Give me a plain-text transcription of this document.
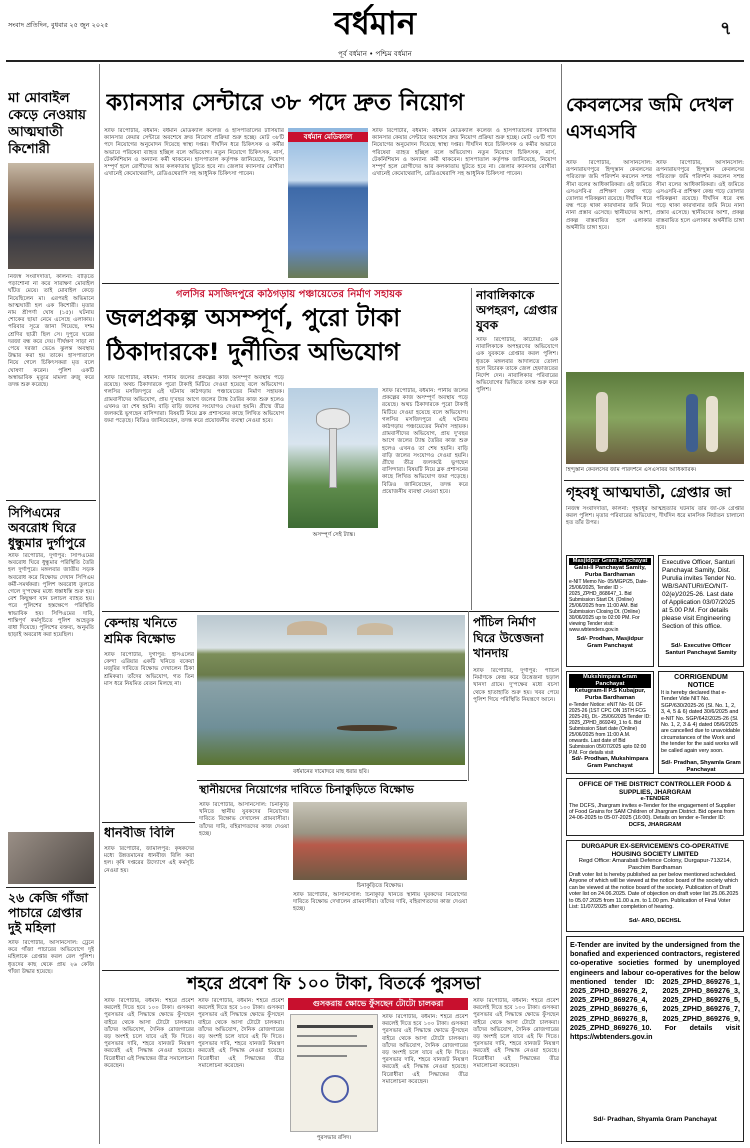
সংবাদ প্রতিদিন, বুধবার ২৫ জুন ২০২৫	বর্ধমান	৭
পূর্ব বর্ধমান • পশ্চিম বর্ধমান
মা মোবাইল কেড়ে নেওয়ায় আত্মঘাতী কিশোরী
নিজস্ব সংবাদদাতা, কালনা: বাড়িতে পড়াশোনা না করে সারাক্ষণ মোবাইল ঘাঁটত মেয়ে। তাই মোবাইল কেড়ে নিয়েছিলেন মা। এরপরই অভিমানে আত্মঘাতী হল এক কিশোরী। মৃতার নাম শ্রীপর্ণা ঘোষ (১৫)। ঘটনায় শোকের ছায়া নেমে এসেছে এলাকায়। পরিবার সূত্রে জানা গিয়েছে, দশম শ্রেণির ছাত্রী ছিল সে। দুপুরে ঘরের দরজা বন্ধ করে দেয়। দীর্ঘক্ষণ সাড়া না পেয়ে দরজা ভেঙে ঝুলন্ত অবস্থায় উদ্ধার করা হয় তাকে। হাসপাতালে নিয়ে গেলে চিকিৎসকরা মৃত বলে ঘোষণা করেন। পুলিশ একটি অস্বাভাবিক মৃত্যুর মামলা রুজু করে তদন্ত শুরু করেছে।
সিপিএমের অবরোধ ঘিরে ধুন্ধুমার দুর্গাপুরে
স্টাফ রিপোর্টার, দুর্গাপুর: সিপিএমের অবরোধ ঘিরে ধুন্ধুমার পরিস্থিতি তৈরি হল দুর্গাপুরে। মঙ্গলবার জাতীয় সড়ক অবরোধ করে বিক্ষোভ দেখান সিপিএম কর্মী-সমর্থকরা। পুলিশ অবরোধ তুলতে গেলে দু'পক্ষের মধ্যে ধস্তাধস্তি শুরু হয়। বেশ কিছুক্ষণ যান চলাচল ব্যাহত হয়। পরে পুলিশের হস্তক্ষেপে পরিস্থিতি স্বাভাবিক হয়। সিপিএমের দাবি, শান্তিপূর্ণ কর্মসূচিতে পুলিশ অহেতুক বাধা দিয়েছে। পুলিশের বক্তব্য, অনুমতি ছাড়াই অবরোধ করা হয়েছিল।
২৬ কেজি গাঁজা পাচারে গ্রেপ্তার দুই মহিলা
স্টাফ রিপোর্টার, আসানসোল: ট্রেনে করে গাঁজা পাচারের অভিযোগে দুই মহিলাকে গ্রেপ্তার করল রেল পুলিশ। ধৃতদের কাছ থেকে প্রায় ২৬ কেজি গাঁজা উদ্ধার হয়েছে।
ক্যানসার সেন্টারে ৩৮ পদে দ্রুত নিয়োগ
স্টাফ রিপোর্টার, বর্ধমান: বর্ধমান মেডিক্যাল কলেজ ও হাসপাতালের টার্সিয়ারি ক্যানসার কেয়ার সেন্টারে অবশেষে দ্রুত নিয়োগ প্রক্রিয়া শুরু হচ্ছে। মোট ৩৮টি পদে নিয়োগের অনুমোদন দিয়েছে স্বাস্থ্য দপ্তর। দীর্ঘদিন ধরে চিকিৎসক ও কর্মীর অভাবে পরিষেবা ব্যাহত হচ্ছিল বলে অভিযোগ। নতুন নিয়োগে চিকিৎসক, নার্স, টেকনিশিয়ান ও অন্যান্য কর্মী থাকবেন। হাসপাতাল কর্তৃপক্ষ জানিয়েছে, নিয়োগ সম্পূর্ণ হলে রোগীদের আর কলকাতায় ছুটতে হবে না। জেলার ক্যানসার রোগীরা এখানেই কেমোথেরাপি, রেডিওথেরাপি সহ আধুনিক চিকিৎসা পাবেন।
বর্ধমান মেডিক্যাল
স্টাফ রিপোর্টার, বর্ধমান: বর্ধমান মেডিক্যাল কলেজ ও হাসপাতালের টার্সিয়ারি ক্যানসার কেয়ার সেন্টারে অবশেষে দ্রুত নিয়োগ প্রক্রিয়া শুরু হচ্ছে। মোট ৩৮টি পদে নিয়োগের অনুমোদন দিয়েছে স্বাস্থ্য দপ্তর। দীর্ঘদিন ধরে চিকিৎসক ও কর্মীর অভাবে পরিষেবা ব্যাহত হচ্ছিল বলে অভিযোগ। নতুন নিয়োগে চিকিৎসক, নার্স, টেকনিশিয়ান ও অন্যান্য কর্মী থাকবেন। হাসপাতাল কর্তৃপক্ষ জানিয়েছে, নিয়োগ সম্পূর্ণ হলে রোগীদের আর কলকাতায় ছুটতে হবে না। জেলার ক্যানসার রোগীরা এখানেই কেমোথেরাপি, রেডিওথেরাপি সহ আধুনিক চিকিৎসা পাবেন।
গলসির মসজিদপুরে কাঠগড়ায় পঞ্চায়েতের নির্মাণ সহায়ক
জলপ্রকল্প অসম্পূর্ণ, পুরো টাকা
ঠিকাদারকে! দুর্নীতির অভিযোগ
স্টাফ রিপোর্টার, বর্ধমান: পানীয় জলের প্রকল্পের কাজ অসম্পূর্ণ অবস্থায় পড়ে রয়েছে। অথচ ঠিকাদারকে পুরো টাকাই মিটিয়ে দেওয়া হয়েছে বলে অভিযোগ। গলসির মসজিদপুরে এই ঘটনায় কাঠগড়ায় পঞ্চায়েতের নির্মাণ সহায়ক। গ্রামবাসীদের অভিযোগ, প্রায় দু'বছর আগে জলের ট্যাঙ্ক তৈরির কাজ শুরু হলেও এখনও তা শেষ হয়নি। বাড়ি বাড়ি জলের সংযোগও দেওয়া হয়নি। গ্রীষ্মে তীব্র জলকষ্টে ভুগছেন বাসিন্দারা। বিষয়টি নিয়ে ব্লক প্রশাসনের কাছে লিখিত অভিযোগ জমা পড়েছে। বিডিও জানিয়েছেন, তদন্ত করে প্রয়োজনীয় ব্যবস্থা নেওয়া হবে।
অসম্পূর্ণ সেই ট্যাঙ্ক।
স্টাফ রিপোর্টার, বর্ধমান: পানীয় জলের প্রকল্পের কাজ অসম্পূর্ণ অবস্থায় পড়ে রয়েছে। অথচ ঠিকাদারকে পুরো টাকাই মিটিয়ে দেওয়া হয়েছে বলে অভিযোগ। গলসির মসজিদপুরে এই ঘটনায় কাঠগড়ায় পঞ্চায়েতের নির্মাণ সহায়ক। গ্রামবাসীদের অভিযোগ, প্রায় দু'বছর আগে জলের ট্যাঙ্ক তৈরির কাজ শুরু হলেও এখনও তা শেষ হয়নি। বাড়ি বাড়ি জলের সংযোগও দেওয়া হয়নি। গ্রীষ্মে তীব্র জলকষ্টে ভুগছেন বাসিন্দারা। বিষয়টি নিয়ে ব্লক প্রশাসনের কাছে লিখিত অভিযোগ জমা পড়েছে। বিডিও জানিয়েছেন, তদন্ত করে প্রয়োজনীয় ব্যবস্থা নেওয়া হবে।
নাবালিকাকে অপহরণ, গ্রেপ্তার যুবক
স্টাফ রিপোর্টার, কাটোয়া: এক নাবালিকাকে অপহরণের অভিযোগে এক যুবককে গ্রেপ্তার করল পুলিশ। ধৃতকে মঙ্গলবার আদালতে তোলা হলে বিচারক তাকে জেল হেফাজতের নির্দেশ দেন। নাবালিকার পরিবারের অভিযোগের ভিত্তিতে তদন্ত শুরু করে পুলিশ।
কেবলসের জমি দেখল এসএসবি
স্টাফ রিপোর্টার, আসানসোল: রূপনারায়ণপুরে হিন্দুস্তান কেবলসের পরিত্যক্ত জমি পরিদর্শন করলেন সশস্ত্র সীমা বলের আধিকারিকরা। ওই জমিতে এসএসবি-র প্রশিক্ষণ কেন্দ্র গড়ে তোলার পরিকল্পনা রয়েছে। দীর্ঘদিন ধরে বন্ধ পড়ে থাকা কারখানার জমি নিয়ে নানা প্রস্তাব এসেছে। স্থানীয়দের আশা, প্রকল্প বাস্তবায়িত হলে এলাকার অর্থনীতি চাঙ্গা হবে।
স্টাফ রিপোর্টার, আসানসোল: রূপনারায়ণপুরে হিন্দুস্তান কেবলসের পরিত্যক্ত জমি পরিদর্শন করলেন সশস্ত্র সীমা বলের আধিকারিকরা। ওই জমিতে এসএসবি-র প্রশিক্ষণ কেন্দ্র গড়ে তোলার পরিকল্পনা রয়েছে। দীর্ঘদিন ধরে বন্ধ পড়ে থাকা কারখানার জমি নিয়ে নানা প্রস্তাব এসেছে। স্থানীয়দের আশা, প্রকল্প বাস্তবায়িত হলে এলাকার অর্থনীতি চাঙ্গা হবে।
হিন্দুস্তান কেবলসের জমি পরিদর্শনে এসএসবির আধিকারিক।
গৃহবধূ আত্মঘাতী, গ্রেপ্তার জা
নিজস্ব সংবাদদাতা, কালনা: গৃহবধূর আত্মহত্যার ঘটনায় তাঁর জা-কে গ্রেপ্তার করল পুলিশ। মৃতার পরিবারের অভিযোগ, দীর্ঘদিন ধরে মানসিক নির্যাতন চালানো হত তাঁর উপর।
Masjidpur Gram Panchayat
Galsi-II Panchayat Samity, Purba Bardhaman
e-NIT Memo No- 05/MGP/25, Date- 25/06/2025, Tender ID :- 2025_ZPHD_868647_1. Bid Submission Start Dt. (Online) 25/06/2025 from 11:00 AM. Bid Submission Closing Dt. (Online) 30/06/2025 up to 02:00 PM. For viewing Tender visit: www.wbtenders.gov.in
Sd/- Prodhan, Masjidpur Gram Panchayat
Executive Officer, Santuri Panchayat Samity, Dist. Purulia invites Tender No. WB/SANTURI/EO/NIT-02(e)/2025-26. Last date of Application 03/07/2025 at 5.00 P.M. For details please visit Engineering Section of this office.
Sd/- Executive Officer Santuri Panchayat Samity
Mukshimpara Gram Panchayat
Ketugram-II P.S Kubajpur, Purba Bardhaman
e-Tender Notice: eNIT No- 01 OF 2025-26 (1ST CPC ON 15TH FCG 2025-26), Dt.- 25/06/2025 Tender ID: 2025_ZPHD_869249_1 to 6. Bid Submission Start date (Online) 25/06/2025 from 11:00 A.M. onwards. Last date of Bid Submission 05/07/2025 upto 02:00 P.M. For details visit
Sd/- Prodhan, Mukshimpara Gram Panchayat
CORRIGENDUM NOTICE
It is hereby declared that e-Tender Vide NIT No. SGP/630/2025-26 (Sl. No. 1, 2, 3, 4, 5 & 6) dated 30/6/2025 and e-NIT No. SGP/642/2025-26 (Sl. No. 1, 2, 3 & 4) dated 05/6/2025 are cancelled due to unavoidable circumstances of the Work and the tender for the said works will be called again very soon.
Sd/- Pradhan, Shyamla Gram Panchayat
OFFICE OF THE DISTRICT CONTROLLER FOOD & SUPPLIES, JHARGRAM
e-TENDER
The DCFS, Jhargram invites e-Tender for the engagement of Supplier of Food Grains for SAM Children of Jhargram District. Bid opens from 24-06-2025 to 05-07-2025 (16:00). Details on tender e-Tender ID:
DCFS, JHARGRAM
DURGAPUR EX-SERVICEMEN'S CO-OPERATIVE HOUSING SOCIETY LIMITED
Regd Office: Amarabati Defence Colony, Durgapur-713214, Paschim Bardhaman
Draft voter list is hereby published as per below mentioned scheduled. Anyone of which will be viewed at the notice board of the society which can be viewed at the notice board of the society. Publication of Draft voter list on 24.06.2025. Date of objection on draft voter list 25.06.2025 to 05.07.2025 from 11.00 a.m. to 1.00 pm. Publication of Final Voter List: 11/07/2025 after completion of hearing.
Sd/- ARO, DECHSL
E-Tender are invited by the undersigned from the bonafied and experienced contractors, registered co-operative societies formed by unemployed engineers and labour co-operatives for the below mentioned tender ID: 2025_ZPHD_869276_1, 2025_ZPHD_869276_2, 2025_ZPHD_869276_3, 2025_ZPHD_869276_4, 2025_ZPHD_869276_5, 2025_ZPHD_869276_6, 2025_ZPHD_869276_7, 2025_ZPHD_869276_8, 2025_ZPHD_869276_9, 2025_ZPHD_869276_10. For details visit https://wbtenders.gov.in
Sd/- Pradhan, Shyamla Gram Panchayat
কেন্দায় খনিতে শ্রমিক বিক্ষোভ
স্টাফ রিপোর্টার, দুর্গাপুর: ইসিএলের কেন্দা এরিয়ার একটি খনিতে বকেয়া মজুরির দাবিতে বিক্ষোভ দেখালেন ঠিকা শ্রমিকরা। তাঁদের অভিযোগ, গত তিন মাস ধরে নিয়মিত বেতন মিলছে না।
বর্ধমানের দামোদরে মাছ ধরার ছবি।
পাঁচিল নির্মাণ ঘিরে উত্তেজনা খানদায়
স্টাফ রিপোর্টার, দুর্গাপুর: পাঁচিল নির্মাণকে কেন্দ্র করে উত্তেজনা ছড়াল খানদা গ্রামে। দু'পক্ষের মধ্যে বচসা থেকে হাতাহাতি শুরু হয়। খবর পেয়ে পুলিশ গিয়ে পরিস্থিতি নিয়ন্ত্রণে আনে।
ধানবীজ বিলি
স্টাফ রিপোর্টার, জামালপুর: কৃষকদের মধ্যে উন্নতমানের ধানবীজ বিলি করা হল। কৃষি দপ্তরের উদ্যোগে এই কর্মসূচি নেওয়া হয়।
স্থানীয়দের নিয়োগের দাবিতে চিনাকুড়িতে বিক্ষোভ
স্টাফ রিপোর্টার, আসানসোল: চিনাকুড়ি খনিতে স্থানীয় যুবকদের নিয়োগের দাবিতে বিক্ষোভ দেখালেন গ্রামবাসীরা। তাঁদের দাবি, বহিরাগতদের কাজ দেওয়া হচ্ছে।
চিনাকুড়িতে বিক্ষোভ।
স্টাফ রিপোর্টার, আসানসোল: চিনাকুড়ি খনিতে স্থানীয় যুবকদের নিয়োগের দাবিতে বিক্ষোভ দেখালেন গ্রামবাসীরা। তাঁদের দাবি, বহিরাগতদের কাজ দেওয়া হচ্ছে।
শহরে প্রবেশ ফি ১০০ টাকা, বিতর্কে পুরসভা
স্টাফ রিপোর্টার, বর্ধমান: শহরে প্রবেশ করলেই দিতে হবে ১০০ টাকা। গুসকরা পুরসভার এই সিদ্ধান্তে ক্ষোভে ফুঁসছেন বাইরে থেকে আসা টোটো চালকরা। তাঁদের অভিযোগ, দৈনিক রোজগারের বড় অংশই চলে যাবে এই ফি দিতে। পুরসভার দাবি, শহরে যানজট নিয়ন্ত্রণ করতেই এই সিদ্ধান্ত নেওয়া হয়েছে। বিরোধীরা এই সিদ্ধান্তের তীব্র সমালোচনা করেছেন।
স্টাফ রিপোর্টার, বর্ধমান: শহরে প্রবেশ করলেই দিতে হবে ১০০ টাকা। গুসকরা পুরসভার এই সিদ্ধান্তে ক্ষোভে ফুঁসছেন বাইরে থেকে আসা টোটো চালকরা। তাঁদের অভিযোগ, দৈনিক রোজগারের বড় অংশই চলে যাবে এই ফি দিতে। পুরসভার দাবি, শহরে যানজট নিয়ন্ত্রণ করতেই এই সিদ্ধান্ত নেওয়া হয়েছে। বিরোধীরা এই সিদ্ধান্তের তীব্র সমালোচনা করেছেন।
গুসকরায় ক্ষোভে ফুঁসছেন টোটো চালকরা
পুরসভার রসিদ।
স্টাফ রিপোর্টার, বর্ধমান: শহরে প্রবেশ করলেই দিতে হবে ১০০ টাকা। গুসকরা পুরসভার এই সিদ্ধান্তে ক্ষোভে ফুঁসছেন বাইরে থেকে আসা টোটো চালকরা। তাঁদের অভিযোগ, দৈনিক রোজগারের বড় অংশই চলে যাবে এই ফি দিতে। পুরসভার দাবি, শহরে যানজট নিয়ন্ত্রণ করতেই এই সিদ্ধান্ত নেওয়া হয়েছে। বিরোধীরা এই সিদ্ধান্তের তীব্র সমালোচনা করেছেন।
স্টাফ রিপোর্টার, বর্ধমান: শহরে প্রবেশ করলেই দিতে হবে ১০০ টাকা। গুসকরা পুরসভার এই সিদ্ধান্তে ক্ষোভে ফুঁসছেন বাইরে থেকে আসা টোটো চালকরা। তাঁদের অভিযোগ, দৈনিক রোজগারের বড় অংশই চলে যাবে এই ফি দিতে। পুরসভার দাবি, শহরে যানজট নিয়ন্ত্রণ করতেই এই সিদ্ধান্ত নেওয়া হয়েছে। বিরোধীরা এই সিদ্ধান্তের তীব্র সমালোচনা করেছেন।
